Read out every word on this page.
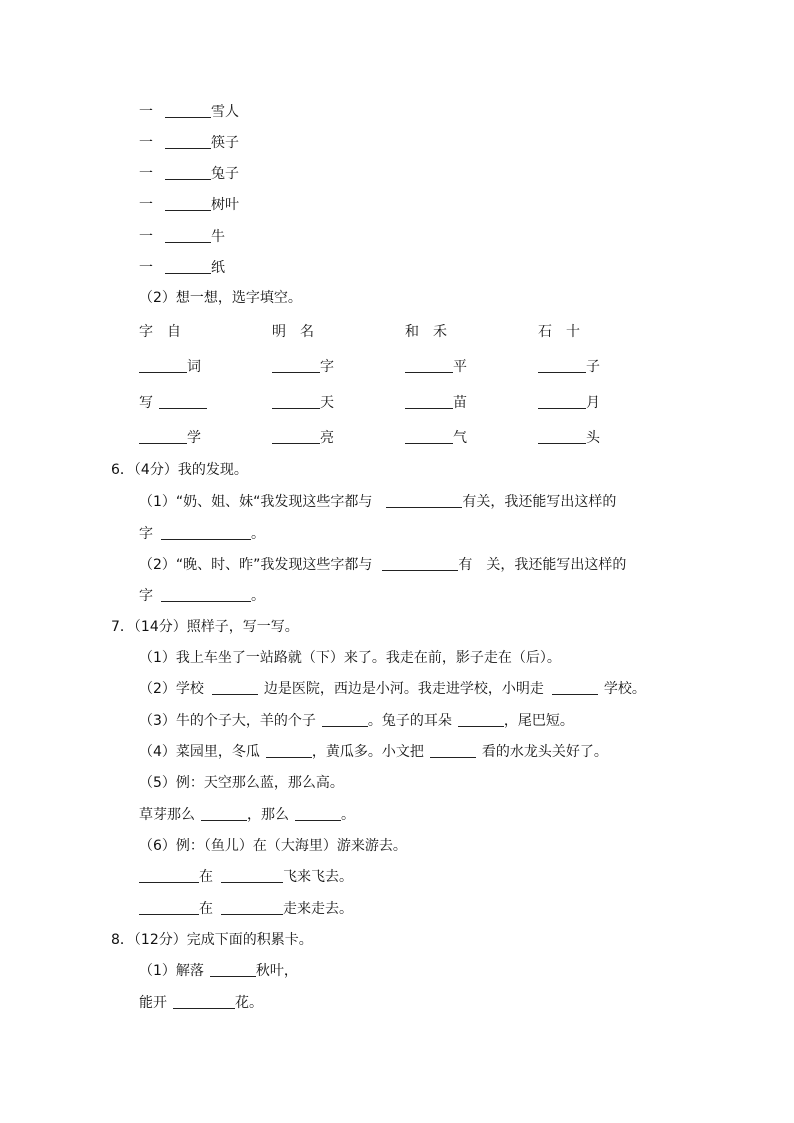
一	雪人
一	筷子
一	兔子
一	树叶
一	牛
一	纸
（2）想一想，选字填空。
字　自	明　名	和　禾	石　十
词	字	平	子
写	天	苗	月
学	亮	气	头
6．（4分）我的发现。
（1）“奶、姐、妹“我发现这些字都与	有关，我还能写出这样的
字	。
（2）“晚、时、昨”我发现这些字都与	有　关，我还能写出这样的
字	。
7．（14分）照样子，写一写。
（1）我上车坐了一站路就（下）来了。我走在前，影子走在（后）。
（2）学校	边是医院，西边是小河。我走进学校，小明走	学校。
（3）牛的个子大，羊的个子	。兔子的耳朵	，尾巴短。
（4）菜园里，冬瓜	，黄瓜多。小文把	看的水龙头关好了。
（5）例：天空那么蓝，那么高。
草芽那么	，那么	。
（6）例：（鱼儿）在（大海里）游来游去。
在	飞来飞去。
在	走来走去。
8．（12分）完成下面的积累卡。
（1）解落	秋叶，
能开	花。
